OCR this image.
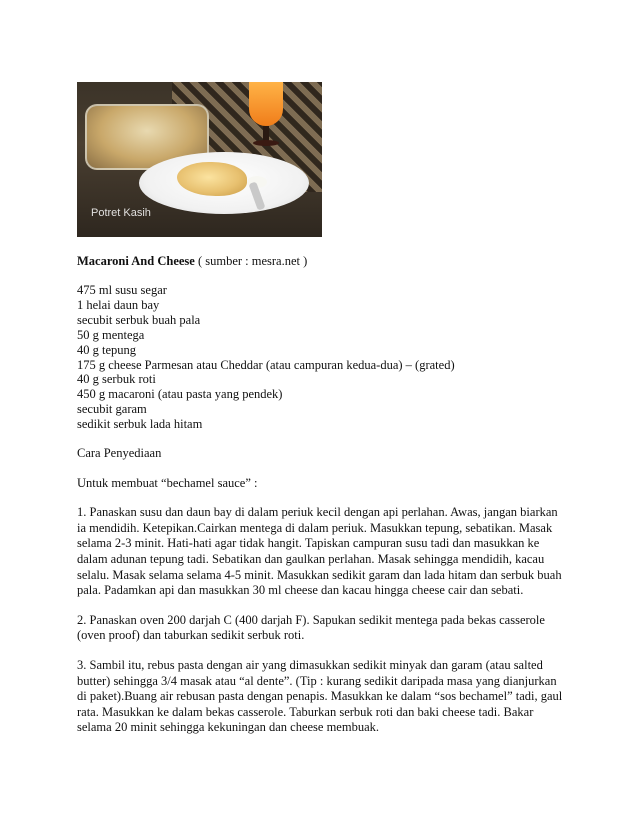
Potret Kasih
Macaroni And Cheese ( sumber : mesra.net )
475 ml susu segar
1 helai daun bay
secubit serbuk buah pala
50 g mentega
40 g tepung
175 g cheese Parmesan atau Cheddar (atau campuran kedua-dua) – (grated)
40 g serbuk roti
450 g macaroni (atau pasta yang pendek)
secubit garam
sedikit serbuk lada hitam

Cara Penyediaan

Untuk membuat “bechamel sauce” :

1. Panaskan susu dan daun bay di dalam periuk kecil dengan api perlahan. Awas, jangan biarkan

ia mendidih. Ketepikan.Cairkan mentega di dalam periuk. Masukkan tepung, sebatikan. Masak

selama 2-3 minit. Hati-hati agar tidak hangit. Tapiskan campuran susu tadi dan masukkan ke

dalam adunan tepung tadi. Sebatikan dan gaulkan perlahan. Masak sehingga mendidih, kacau

selalu. Masak selama selama 4-5 minit. Masukkan sedikit garam dan lada hitam dan serbuk buah

pala. Padamkan api dan masukkan 30 ml cheese dan kacau hingga cheese cair dan sebati.

2. Panaskan oven 200 darjah C (400 darjah F). Sapukan sedikit mentega pada bekas casserole

(oven proof) dan taburkan sedikit serbuk roti.

3. Sambil itu, rebus pasta dengan air yang dimasukkan sedikit minyak dan garam (atau salted

butter) sehingga 3/4 masak atau “al dente”. (Tip : kurang sedikit daripada masa yang dianjurkan

di paket).Buang air rebusan pasta dengan penapis. Masukkan ke dalam “sos bechamel” tadi, gaul

rata. Masukkan ke dalam bekas casserole. Taburkan serbuk roti dan baki cheese tadi. Bakar

selama 20 minit sehingga kekuningan dan cheese membuak.
